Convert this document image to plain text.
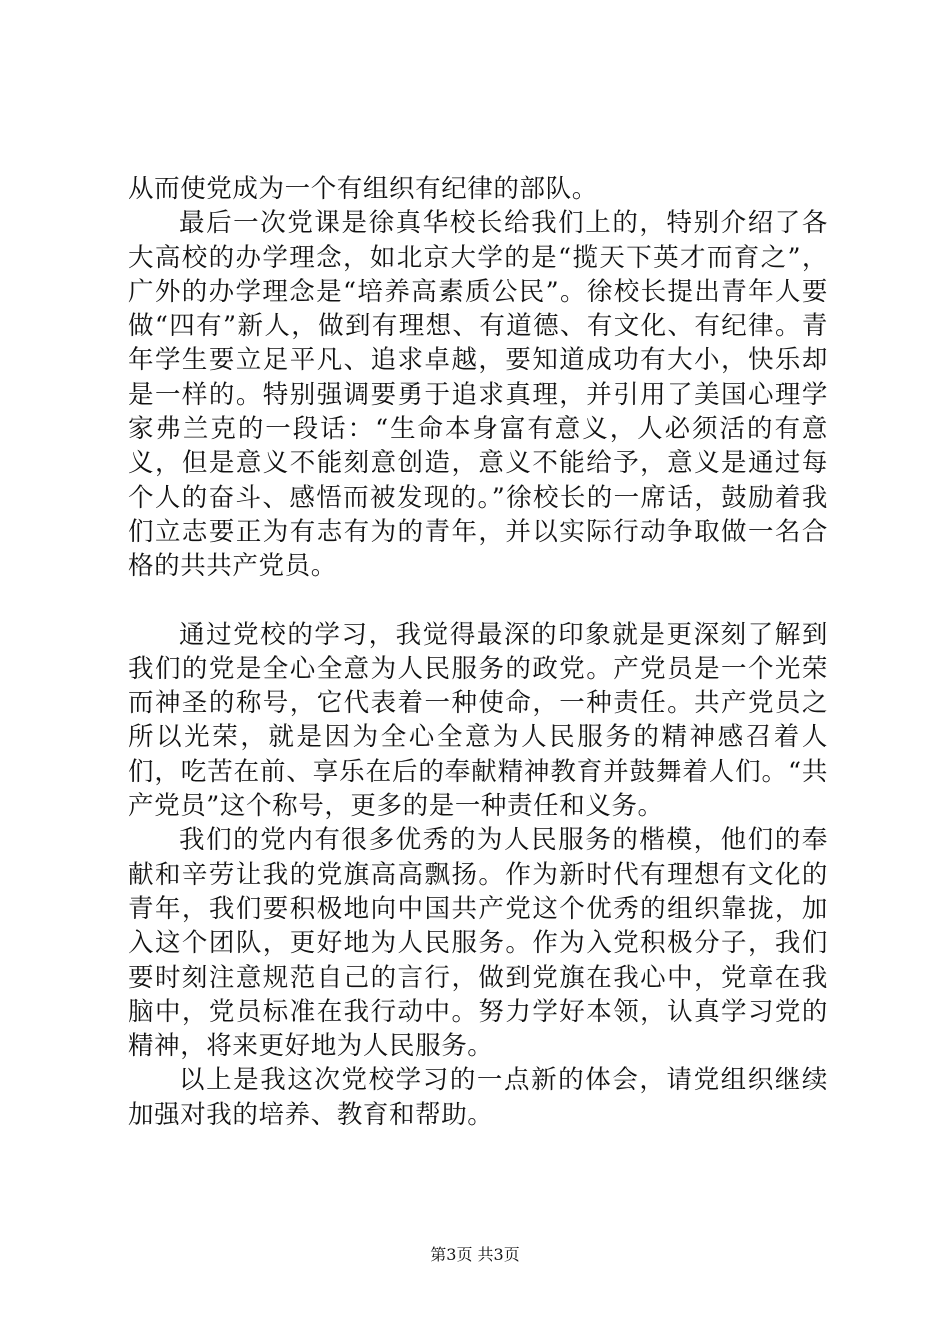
从而使党成为一个有组织有纪律的部队。

最后一次党课是徐真华校长给我们上的，特别介绍了各大高校的办学理念，如北京大学的是“揽天下英才而育之”，广外的办学理念是“培养高素质公民”。徐校长提出青年人要做“四有”新人，做到有理想、有道德、有文化、有纪律。青年学生要立足平凡、追求卓越，要知道成功有大小，快乐却是一样的。特别强调要勇于追求真理，并引用了美国心理学家弗兰克的一段话：“生命本身富有意义，人必须活的有意义，但是意义不能刻意创造，意义不能给予，意义是通过每个人的奋斗、感悟而被发现的。”徐校长的一席话，鼓励着我们立志要正为有志有为的青年，并以实际行动争取做一名合格的共共产党员。

通过党校的学习，我觉得最深的印象就是更深刻了解到我们的党是全心全意为人民服务的政党。产党员是一个光荣而神圣的称号，它代表着一种使命，一种责任。共产党员之所以光荣，就是因为全心全意为人民服务的精神感召着人们，吃苦在前、享乐在后的奉献精神教育并鼓舞着人们。“共产党员”这个称号，更多的是一种责任和义务。

我们的党内有很多优秀的为人民服务的楷模，他们的奉献和辛劳让我的党旗高高飘扬。作为新时代有理想有文化的青年，我们要积极地向中国共产党这个优秀的组织靠拢，加入这个团队，更好地为人民服务。作为入党积极分子，我们要时刻注意规范自己的言行，做到党旗在我心中，党章在我脑中，党员标准在我行动中。努力学好本领，认真学习党的精神，将来更好地为人民服务。

以上是我这次党校学习的一点新的体会，请党组织继续加强对我的培养、教育和帮助。

第3页 共3页
